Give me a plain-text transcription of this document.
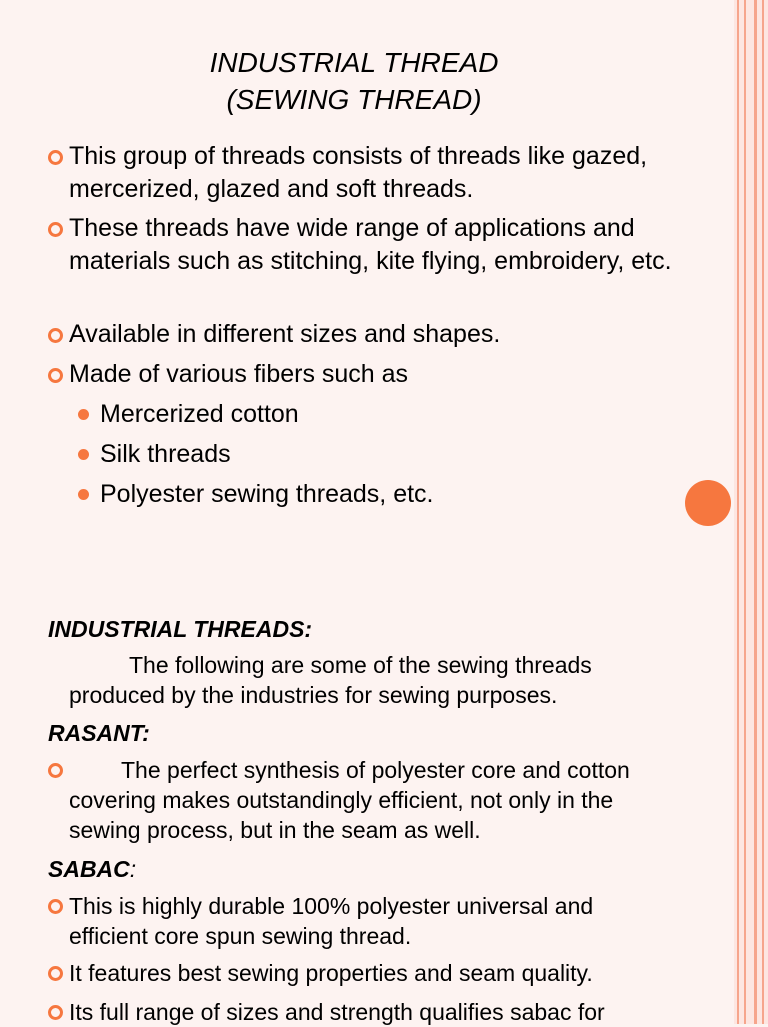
INDUSTRIAL THREAD
(SEWING THREAD)
This group of threads consists of threads like gazed, mercerized, glazed and soft threads.
These threads have wide range of applications and materials such as stitching, kite flying, embroidery, etc.
Available in different sizes and shapes.
Made of various fibers such as
Mercerized cotton
Silk threads
Polyester sewing threads, etc.
INDUSTRIAL THREADS:
The following are some of the sewing threads produced by the industries for sewing purposes.
RASANT:
The perfect synthesis of polyester core and cotton covering makes outstandingly efficient, not only in the sewing process, but in the seam as well.
SABAC:
This is highly durable 100% polyester universal and efficient core spun sewing thread.
It features best sewing properties and seam quality.
Its full range of sizes and strength qualifies sabac for
